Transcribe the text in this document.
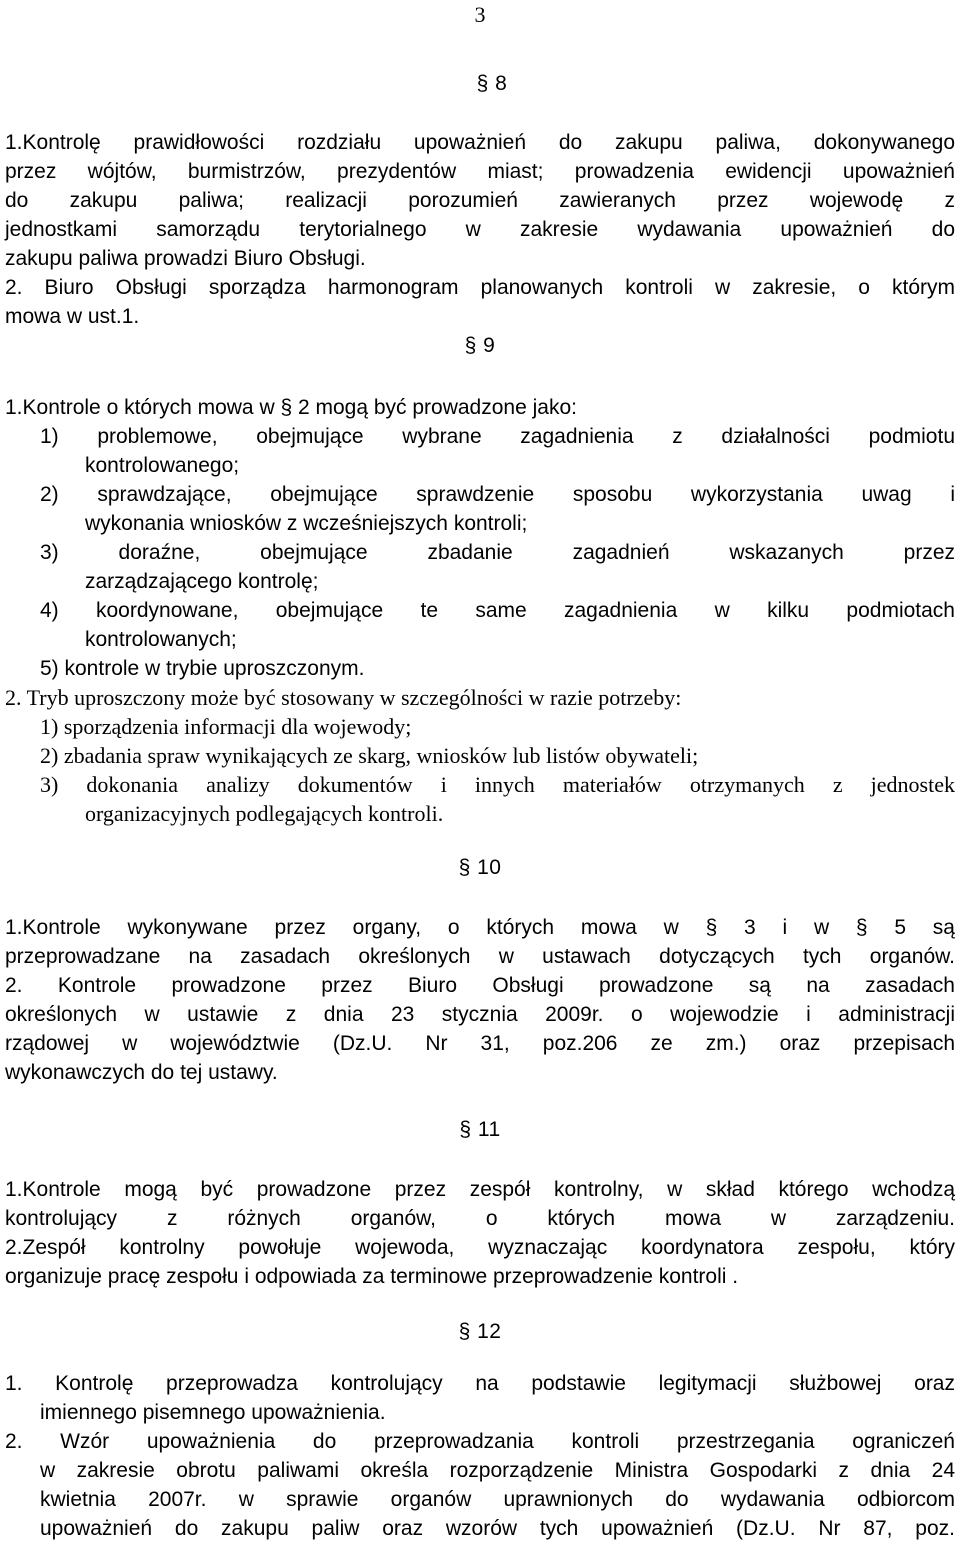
3
§ 8
1.Kontrolę prawidłowości rozdziału upoważnień do zakupu paliwa, dokonywanego
przez wójtów, burmistrzów, prezydentów miast; prowadzenia ewidencji upoważnień
do zakupu paliwa; realizacji porozumień zawieranych przez wojewodę z
jednostkami samorządu terytorialnego w zakresie wydawania upoważnień do
zakupu paliwa prowadzi Biuro Obsługi.
2. Biuro Obsługi sporządza harmonogram planowanych kontroli w zakresie, o którym
mowa w ust.1.
§ 9
1.Kontrole o których mowa w § 2 mogą być prowadzone jako:
1) problemowe, obejmujące wybrane zagadnienia z działalności podmiotu
kontrolowanego;
2) sprawdzające, obejmujące sprawdzenie sposobu wykorzystania uwag i
wykonania wniosków z wcześniejszych kontroli;
3) doraźne, obejmujące zbadanie zagadnień wskazanych przez
zarządzającego kontrolę;
4) koordynowane, obejmujące te same zagadnienia w kilku podmiotach
kontrolowanych;
5) kontrole w trybie uproszczonym.
2. Tryb uproszczony może być stosowany w szczególności w razie potrzeby:
1) sporządzenia informacji dla wojewody;
2) zbadania spraw wynikających ze skarg, wniosków lub listów obywateli;
3) dokonania analizy dokumentów i innych materiałów otrzymanych z jednostek
organizacyjnych podlegających kontroli.
§ 10
1.Kontrole wykonywane przez organy, o których mowa w § 3 i w § 5 są
przeprowadzane na zasadach określonych w ustawach dotyczących tych organów.
2. Kontrole prowadzone przez Biuro Obsługi prowadzone są na zasadach
określonych w ustawie z dnia 23 stycznia 2009r. o wojewodzie i administracji
rządowej w województwie (Dz.U. Nr 31, poz.206 ze zm.) oraz przepisach
wykonawczych do tej ustawy.
§ 11
1.Kontrole mogą być prowadzone przez zespół kontrolny, w skład którego wchodzą
kontrolujący z różnych organów, o których mowa w zarządzeniu.
2.Zespół kontrolny powołuje wojewoda, wyznaczając koordynatora zespołu, który
organizuje pracę zespołu i odpowiada za terminowe przeprowadzenie kontroli .
§ 12
1. Kontrolę przeprowadza kontrolujący na podstawie legitymacji służbowej oraz
imiennego pisemnego upoważnienia.
2. Wzór upoważnienia do przeprowadzania kontroli przestrzegania ograniczeń
w zakresie obrotu paliwami określa rozporządzenie Ministra Gospodarki z dnia 24
kwietnia 2007r. w sprawie organów uprawnionych do wydawania odbiorcom
upoważnień do zakupu paliw oraz wzorów tych upoważnień (Dz.U. Nr 87, poz.
